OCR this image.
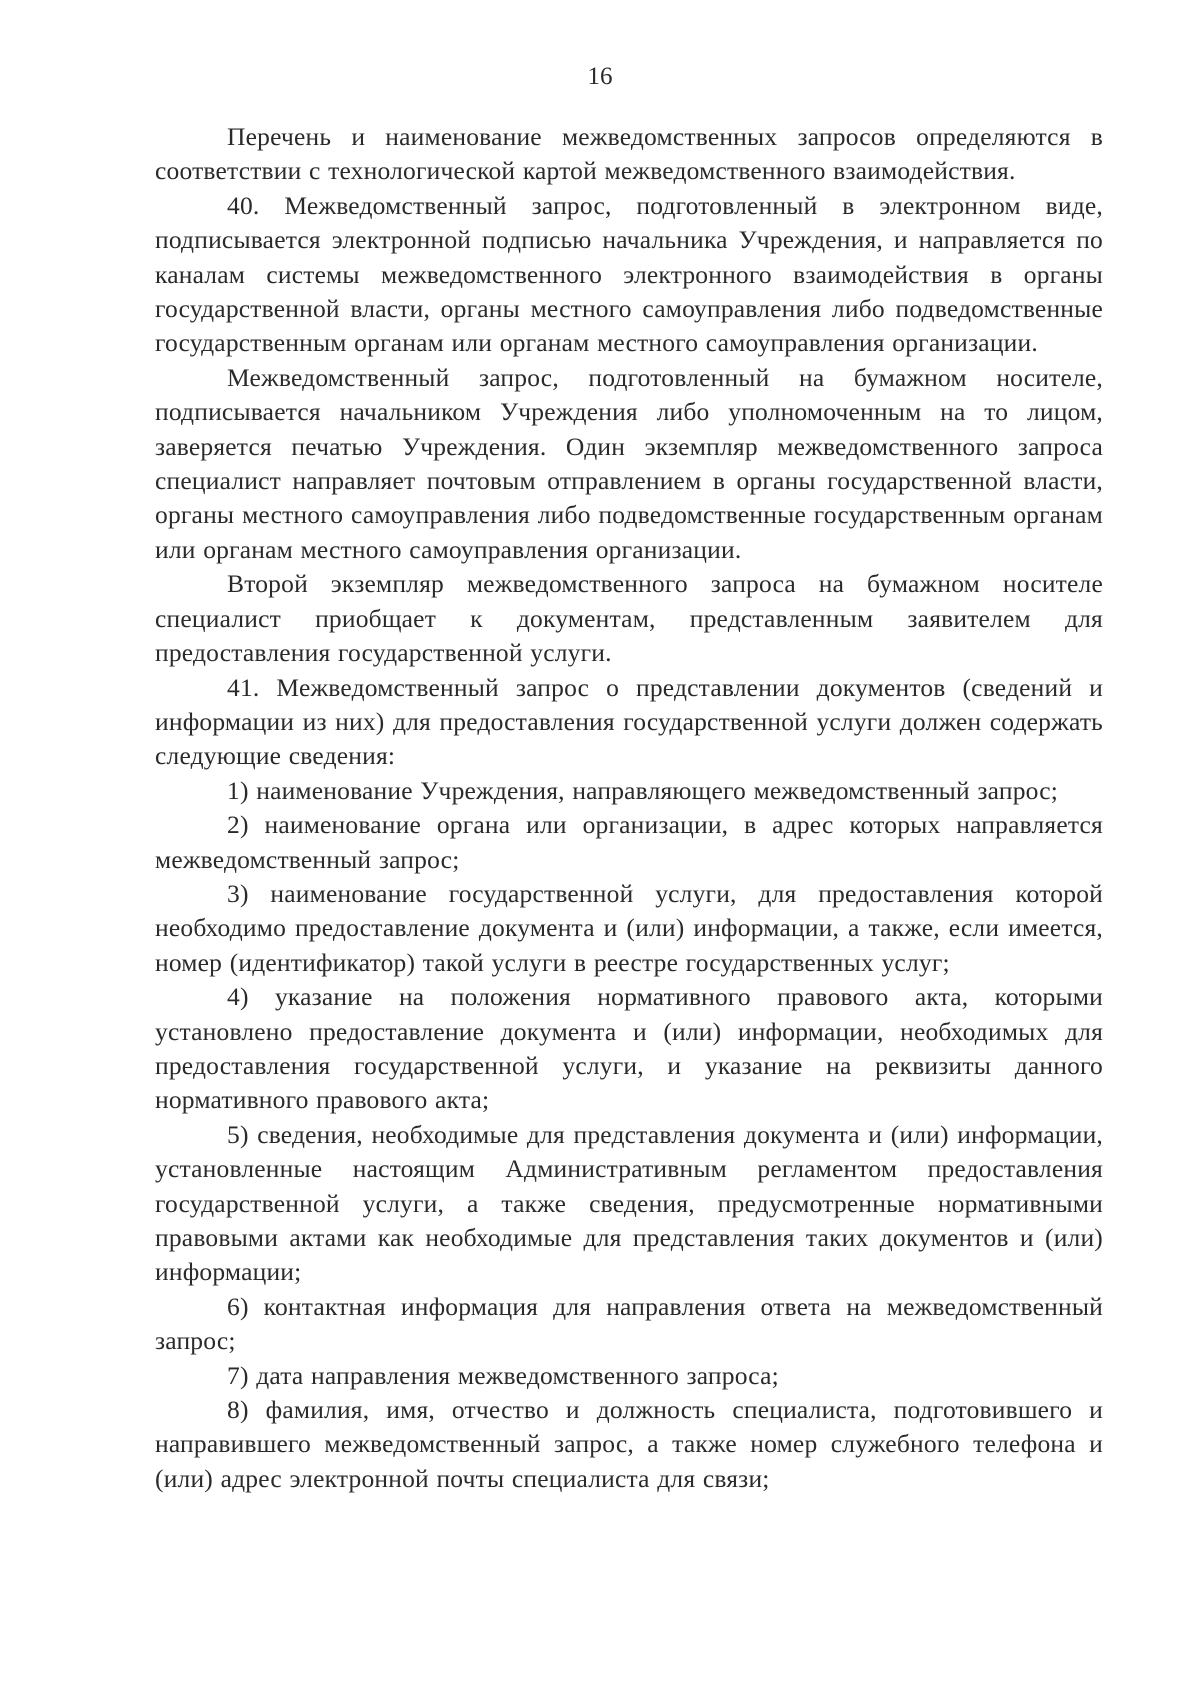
16

Перечень и наименование межведомственных запросов определяются в соответствии с технологической картой межведомственного взаимодействия.

40. Межведомственный запрос, подготовленный в электронном виде, подписывается электронной подписью начальника Учреждения, и направляется по каналам системы межведомственного электронного взаимодействия в органы государственной власти, органы местного самоуправления либо подведомственные государственным органам или органам местного самоуправления организации.

Межведомственный запрос, подготовленный на бумажном носителе, подписывается начальником Учреждения либо уполномоченным на то лицом, заверяется печатью Учреждения. Один экземпляр межведомственного запроса специалист направляет почтовым отправлением в органы государственной власти, органы местного самоуправления либо подведомственные государственным органам или органам местного самоуправления организации.

Второй экземпляр межведомственного запроса на бумажном носителе специалист приобщает к документам, представленным заявителем для предоставления государственной услуги.

41. Межведомственный запрос о представлении документов (сведений и информации из них) для предоставления государственной услуги должен содержать следующие сведения:

1) наименование Учреждения, направляющего межведомственный запрос;

2) наименование органа или организации, в адрес которых направляется межведомственный запрос;

3) наименование государственной услуги, для предоставления которой необходимо предоставление документа и (или) информации, а также, если имеется, номер (идентификатор) такой услуги в реестре государственных услуг;

4) указание на положения нормативного правового акта, которыми установлено предоставление документа и (или) информации, необходимых для предоставления государственной услуги, и указание на реквизиты данного нормативного правового акта;

5) сведения, необходимые для представления документа и (или) информации, установленные настоящим Административным регламентом предоставления государственной услуги, а также сведения, предусмотренные нормативными правовыми актами как необходимые для представления таких документов и (или) информации;

6) контактная информация для направления ответа на межведомственный запрос;

7) дата направления межведомственного запроса;

8) фамилия, имя, отчество и должность специалиста, подготовившего и направившего межведомственный запрос, а также номер служебного телефона и (или) адрес электронной почты специалиста для связи;
